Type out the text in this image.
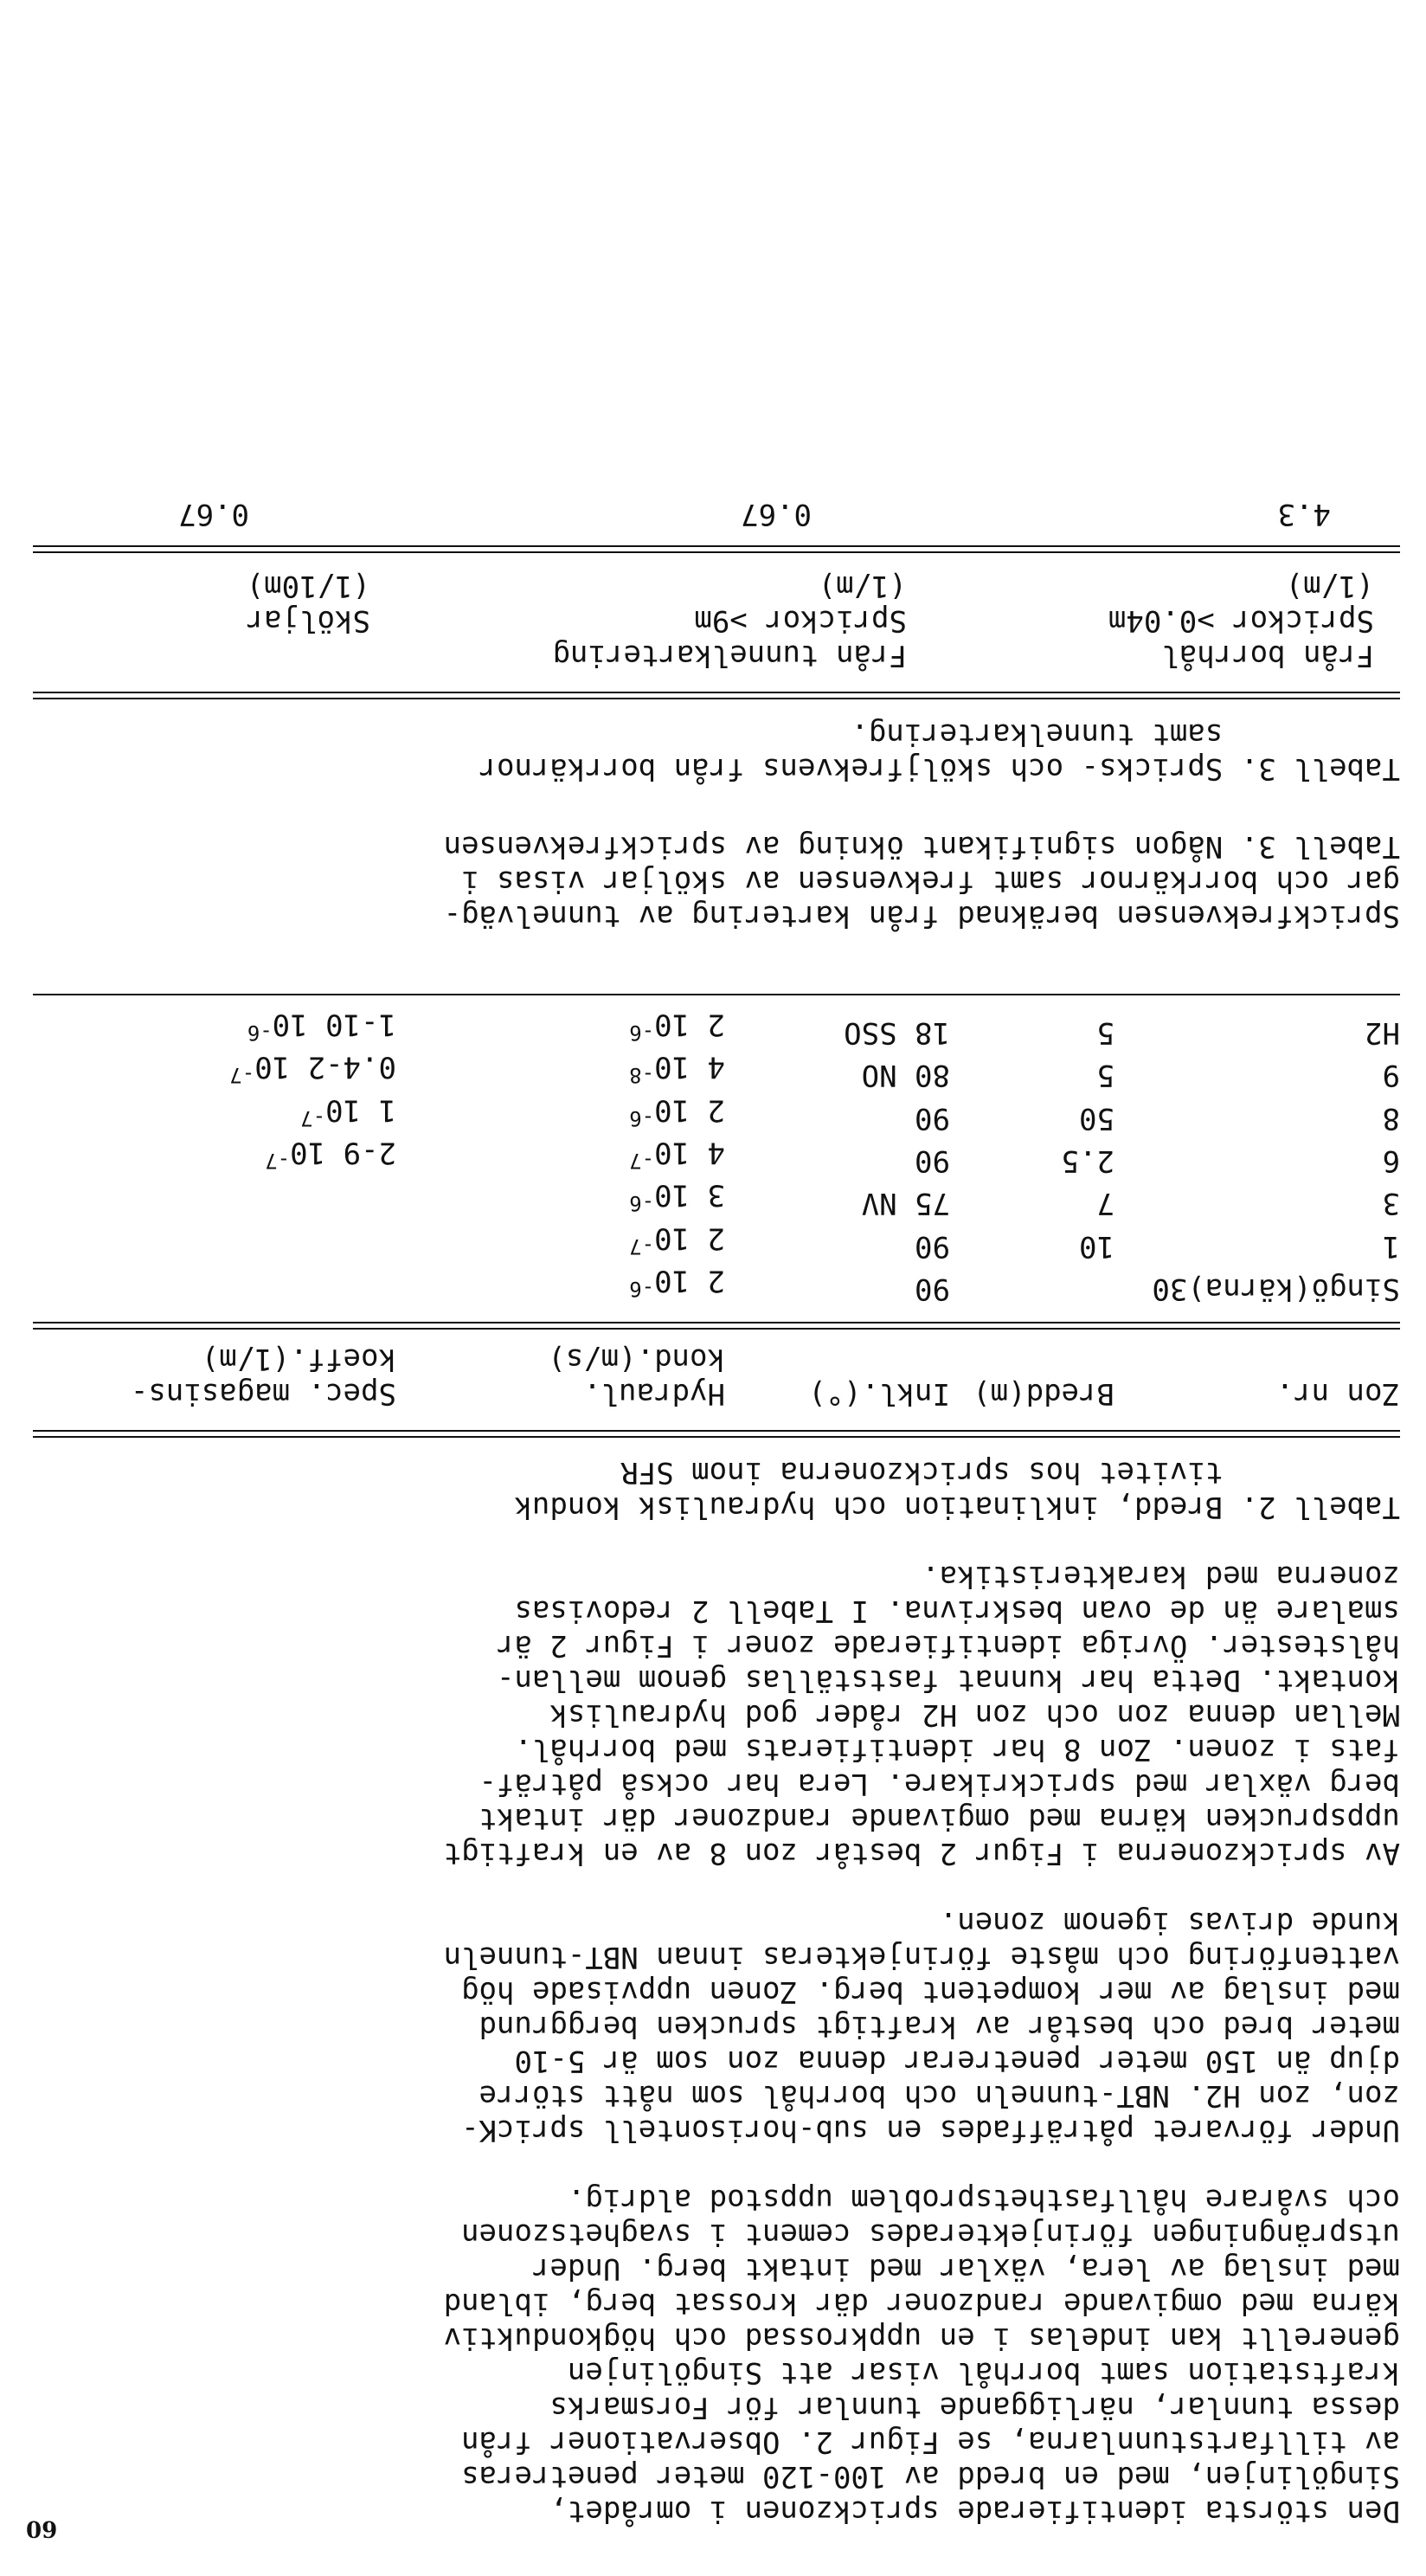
60	Den största identifierade sprickzonen i området,
Singölinjen, med en bredd av 100-120 meter penetreras
av tillfartstunnlarna, se Figur 2. Observationer från
dessa tunnlar, närliggande tunnlar för Forsmarks
kraftstation samt borrhål visar att Singölinjen
generellt kan indelas i en uppkrossad och högkonduktiv
kärna med omgivande randzoner där krossat berg, ibland
med inslag av lera, växlar med intakt berg. Under
utsprängningen förinjekterades cement i svaghetszonen
och svårare hållfasthetsproblem uppstod aldrig.
Under förvaret påträffades en sub-horisontell spricK-
zon, zon H2. NBT-tunneln och borrhål som nått större
djup än 150 meter penetrerar denna zon som är 5-10
meter bred och består av kraftigt sprucken berggrund
med inslag av mer kompetent berg. Zonen uppvisade hög
vattenföring och måste förinjekteras innan NBT-tunneln
kunde drivas igenom zonen.
Av sprickzonerna i Figur 2 består zon 8 av en kraftigt
uppsprucken kärna med omgivande randzoner där intakt
berg växlar med sprickrikare. Lera har också påträf-
fats i zonen. Zon 8 har identifierats med borrhål.
Mellan denna zon och zon H2 råder god hydraulisk
kontakt. Detta har kunnat fastställas genom mellan-
hålstester. Övriga identifierade zoner i Figur 2 är
smalare än de ovan beskrivna. I Tabell 2 redovisas
zonerna med karakteristika.
Tabell 2. Bredd, inklination och hydraulisk konduk
tivitet hos sprickzonerna inom SFR
Zon nr.	Bredd(m)	Inkl.(°)	Hydraul.	Spec. magasins-
			kond.(m/s)	koeff.(1/m)

Singö(kärna)30		90	2 $10^{-6}$	
1	10	90	2 $10^{-7}$	
3	7	75 NV	3 $10^{-6}$	
6	2.5	90	4 $10^{-7}$	2-9 $10^{-7}$
8	50	90	2 $10^{-6}$	1 $10^{-7}$
9	5	80 NO	4 $10^{-8}$	0.4-2 $10^{-7}$
H2	5	18 SSO	2 $10^{-6}$	1-10 $10^{-6}$
Sprickfrekvensen beräknad från kartering av tunnelväg-
gar och borrkärnor samt frekvensen av sköljar visas i
Tabell 3. Någon signifikant ökning av sprickfrekvensen
Tabell 3. Spricks- och sköljfrekvens från borrkärnor
samt tunnelkartering.
Från borrhål	Från tunnelkartering	
Sprickor >0.04m	Sprickor >9m	Sköljar
(1/m)	(1/m)	(1/10m)
4.3	0.67	0.67
